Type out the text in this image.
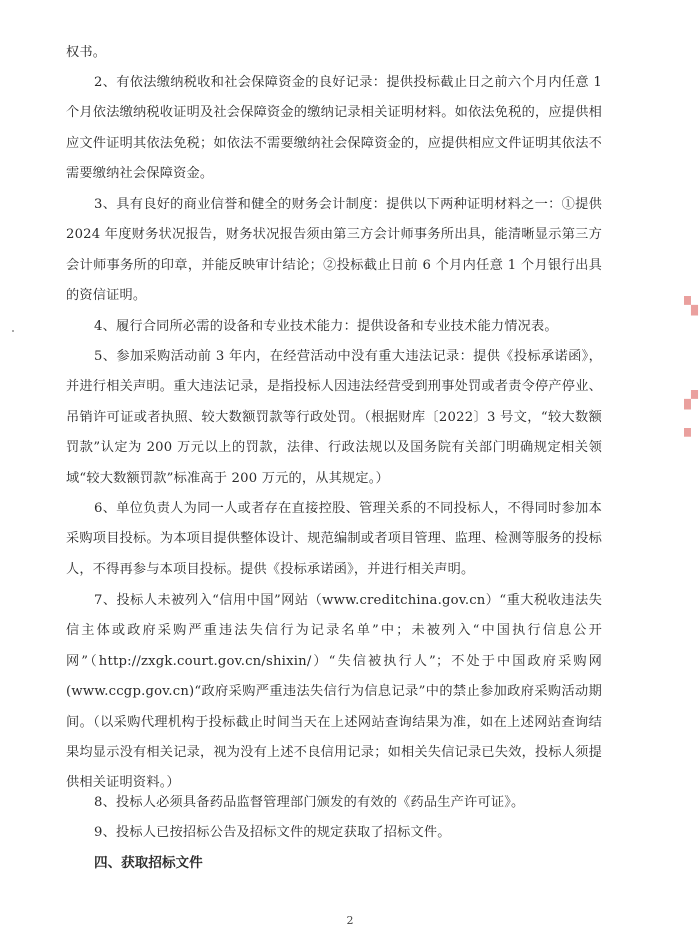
权书。

2、有依法缴纳税收和社会保障资金的良好记录：提供投标截止日之前六个月内任意 1 个月依法缴纳税收证明及社会保障资金的缴纳记录相关证明材料。如依法免税的，应提供相应文件证明其依法免税；如依法不需要缴纳社会保障资金的，应提供相应文件证明其依法不需要缴纳社会保障资金。

3、具有良好的商业信誉和健全的财务会计制度：提供以下两种证明材料之一：①提供 2024 年度财务状况报告，财务状况报告须由第三方会计师事务所出具，能清晰显示第三方会计师事务所的印章，并能反映审计结论；②投标截止日前 6 个月内任意 1 个月银行出具的资信证明。

4、履行合同所必需的设备和专业技术能力：提供设备和专业技术能力情况表。

5、参加采购活动前 3 年内，在经营活动中没有重大违法记录：提供《投标承诺函》，并进行相关声明。重大违法记录，是指投标人因违法经营受到刑事处罚或者责令停产停业、吊销许可证或者执照、较大数额罚款等行政处罚。（根据财库〔2022〕3 号文，“较大数额罚款”认定为 200 万元以上的罚款，法律、行政法规以及国务院有关部门明确规定相关领域“较大数额罚款”标准高于 200 万元的，从其规定。）

6、单位负责人为同一人或者存在直接控股、管理关系的不同投标人，不得同时参加本采购项目投标。为本项目提供整体设计、规范编制或者项目管理、监理、检测等服务的投标人，不得再参与本项目投标。提供《投标承诺函》，并进行相关声明。

7、投标人未被列入“信用中国”网站（www.creditchina.gov.cn）“重大税收违法失信主体或政府采购严重违法失信行为记录名单”中；未被列入“中国执行信息公开网”（http://zxgk.court.gov.cn/shixin/）“失信被执行人”；不处于中国政府采购网(www.ccgp.gov.cn)“政府采购严重违法失信行为信息记录”中的禁止参加政府采购活动期间。（以采购代理机构于投标截止时间当天在上述网站查询结果为准，如在上述网站查询结果均显示没有相关记录，视为没有上述不良信用记录；如相关失信记录已失效，投标人须提供相关证明资料。）

8、投标人必须具备药品监督管理部门颁发的有效的《药品生产许可证》。

9、投标人已按招标公告及招标文件的规定获取了招标文件。

四、获取招标文件

2
▚
▞
▘
